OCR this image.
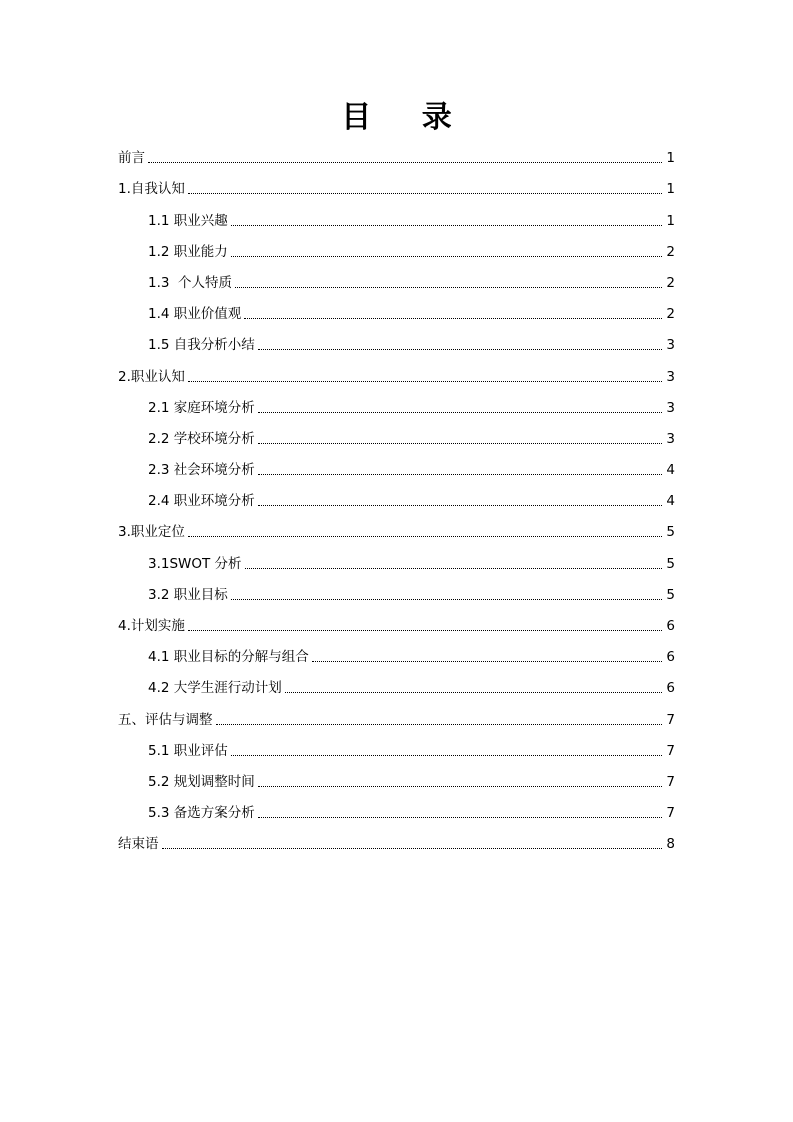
目 录
前言	1
1.自我认知	1
1.1 职业兴趣	1
1.2 职业能力	2
1.3  个人特质	2
1.4 职业价值观	2
1.5 自我分析小结	3
2.职业认知	3
2.1 家庭环境分析	3
2.2 学校环境分析	3
2.3 社会环境分析	4
2.4 职业环境分析	4
3.职业定位	5
3.1SWOT 分析	5
3.2 职业目标	5
4.计划实施	6
4.1 职业目标的分解与组合	6
4.2 大学生涯行动计划	6
五、评估与调整	7
5.1 职业评估	7
5.2 规划调整时间	7
5.3 备选方案分析	7
结束语	8
